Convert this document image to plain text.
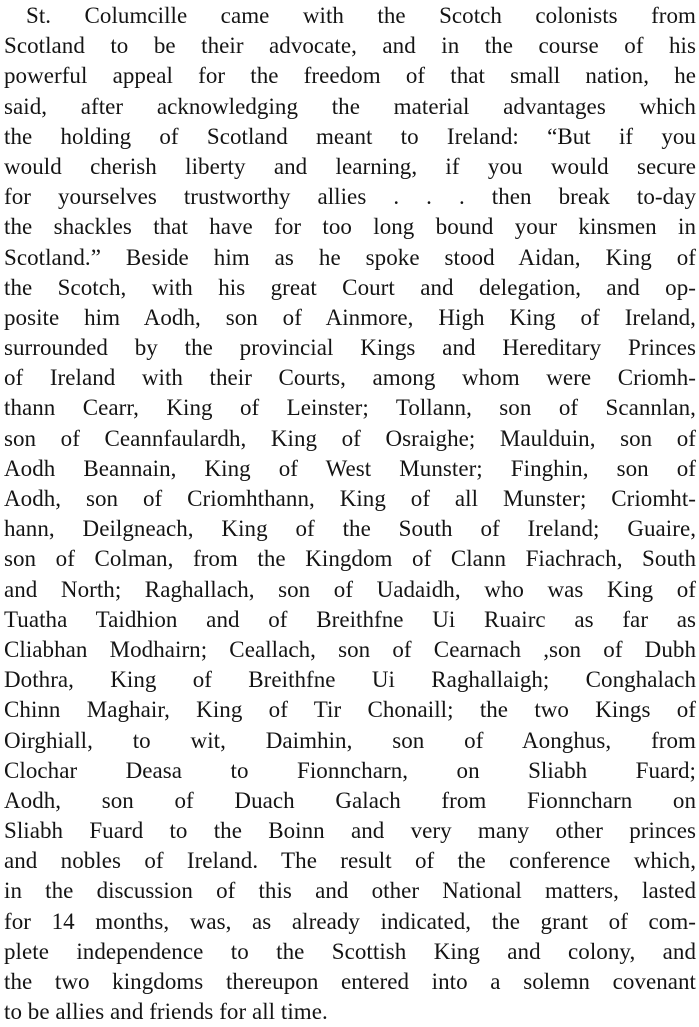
St. Columcille came with the Scotch colonists from
Scotland to be their advocate, and in the course of his
powerful appeal for the freedom of that small nation, he
said, after acknowledging the material advantages which
the holding of Scotland meant to Ireland: “But if you
would cherish liberty and learning, if you would secure
for yourselves trustworthy allies . . . then break to-day
the shackles that have for too long bound your kinsmen in
Scotland.” Beside him as he spoke stood Aidan, King of
the Scotch, with his great Court and delegation, and op-
posite him Aodh, son of Ainmore, High King of Ireland,
surrounded by the provincial Kings and Hereditary Princes
of Ireland with their Courts, among whom were Criomh-
thann Cearr, King of Leinster; Tollann, son of Scannlan,
son of Ceannfaulardh, King of Osraighe; Maulduin, son of
Aodh Beannain, King of West Munster; Finghin, son of
Aodh, son of Criomhthann, King of all Munster; Criomht-
hann, Deilgneach, King of the South of Ireland; Guaire,
son of Colman, from the Kingdom of Clann Fiachrach, South
and North; Raghallach, son of Uadaidh, who was King of
Tuatha Taidhion and of Breithfne Ui Ruairc as far as
Cliabhan Modhairn; Ceallach, son of Cearnach ,son of Dubh
Dothra, King of Breithfne Ui Raghallaigh; Conghalach
Chinn Maghair, King of Tir Chonaill; the two Kings of
Oirghiall, to wit, Daimhin, son of Aonghus, from
Clochar Deasa to Fionncharn, on Sliabh Fuard;
Aodh, son of Duach Galach from Fionncharn on
Sliabh Fuard to the Boinn and very many other princes
and nobles of Ireland. The result of the conference which,
in the discussion of this and other National matters, lasted
for 14 months, was, as already indicated, the grant of com-
plete independence to the Scottish King and colony, and
the two kingdoms thereupon entered into a solemn covenant
to be allies and friends for all time.
